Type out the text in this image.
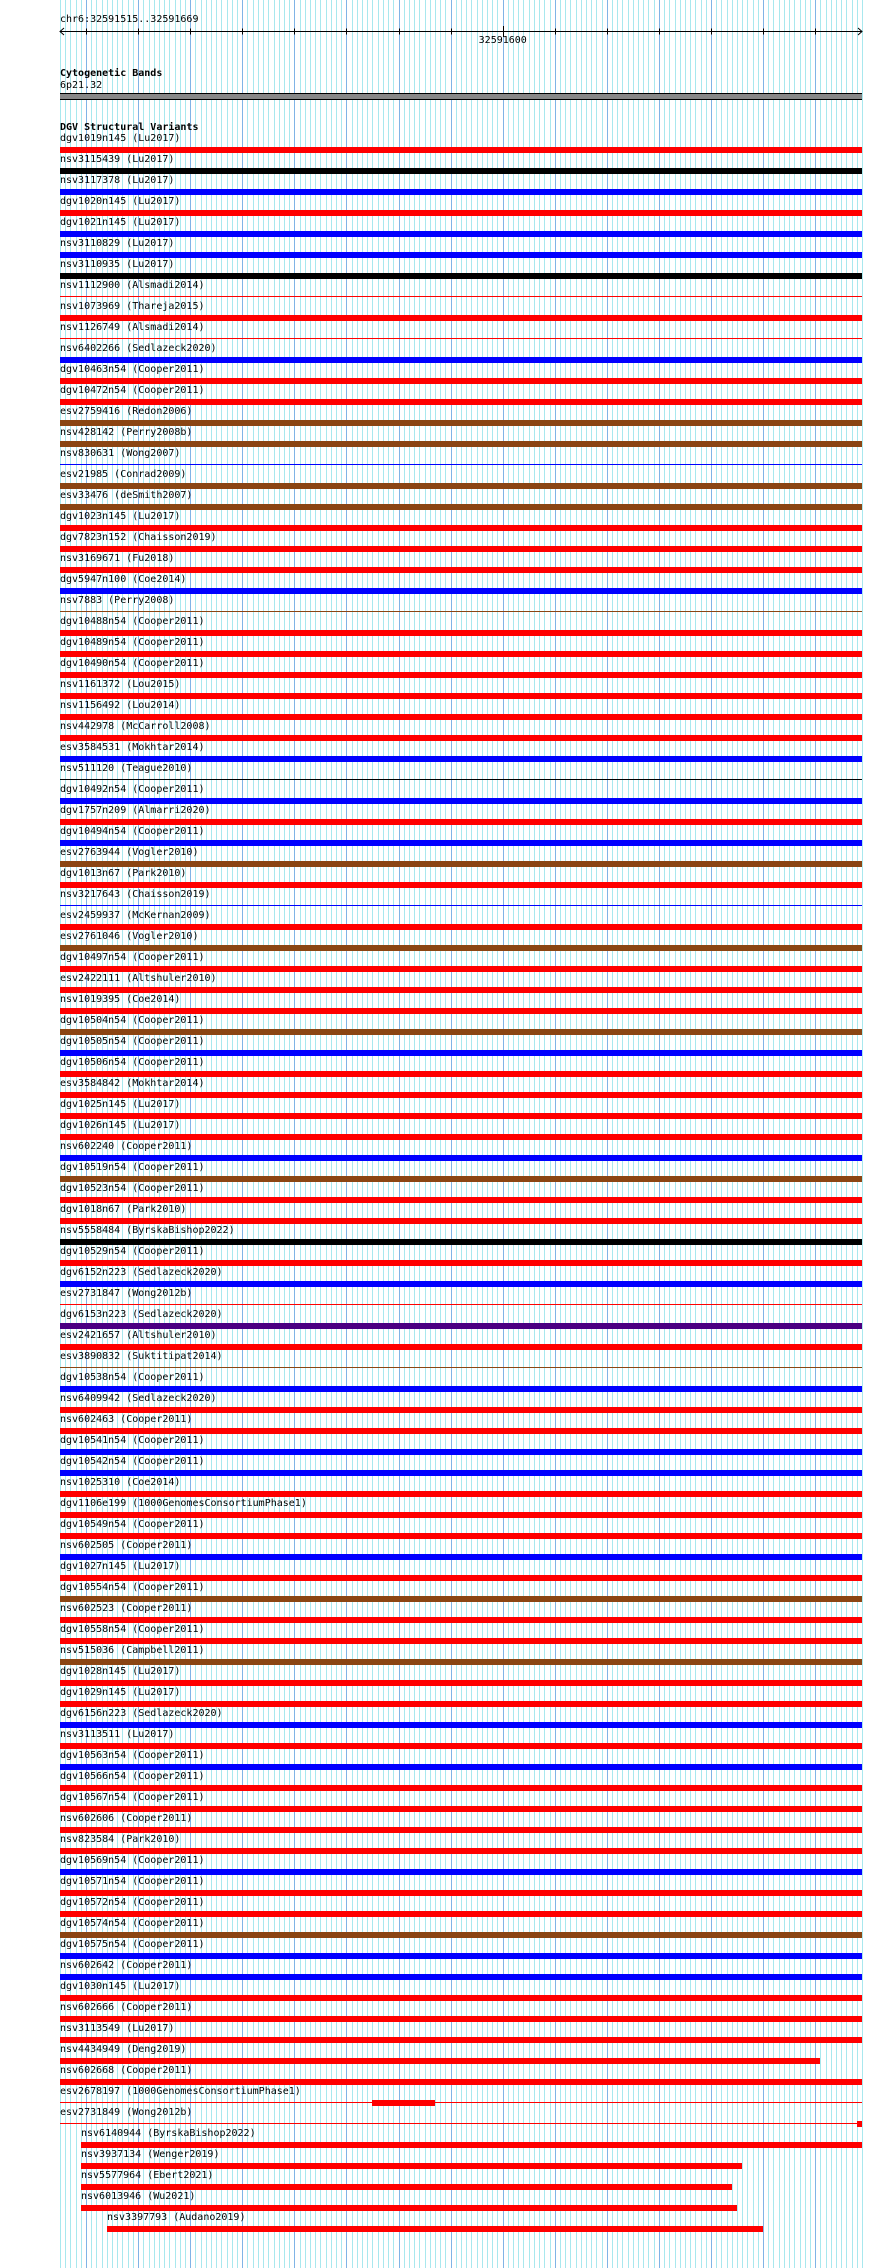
chr6:32591515..32591669
32591600
Cytogenetic Bands
6p21.32
DGV Structural Variants
dgv1019n145 (Lu2017)
nsv3115439 (Lu2017)
nsv3117378 (Lu2017)
dgv1020n145 (Lu2017)
dgv1021n145 (Lu2017)
nsv3110829 (Lu2017)
nsv3110935 (Lu2017)
nsv1112900 (Alsmadi2014)
nsv1073969 (Thareja2015)
nsv1126749 (Alsmadi2014)
nsv6402266 (Sedlazeck2020)
dgv10463n54 (Cooper2011)
dgv10472n54 (Cooper2011)
esv2759416 (Redon2006)
nsv428142 (Perry2008b)
nsv830631 (Wong2007)
esv21985 (Conrad2009)
esv33476 (deSmith2007)
dgv1023n145 (Lu2017)
dgv7823n152 (Chaisson2019)
nsv3169671 (Fu2018)
dgv5947n100 (Coe2014)
nsv7883 (Perry2008)
dgv10488n54 (Cooper2011)
dgv10489n54 (Cooper2011)
dgv10490n54 (Cooper2011)
nsv1161372 (Lou2015)
nsv1156492 (Lou2014)
nsv442978 (McCarroll2008)
esv3584531 (Mokhtar2014)
nsv511120 (Teague2010)
dgv10492n54 (Cooper2011)
dgv1757n209 (Almarri2020)
dgv10494n54 (Cooper2011)
esv2763944 (Vogler2010)
dgv1013n67 (Park2010)
nsv3217643 (Chaisson2019)
esv2459937 (McKernan2009)
esv2761046 (Vogler2010)
dgv10497n54 (Cooper2011)
esv2422111 (Altshuler2010)
nsv1019395 (Coe2014)
dgv10504n54 (Cooper2011)
dgv10505n54 (Cooper2011)
dgv10506n54 (Cooper2011)
esv3584842 (Mokhtar2014)
dgv1025n145 (Lu2017)
dgv1026n145 (Lu2017)
nsv602240 (Cooper2011)
dgv10519n54 (Cooper2011)
dgv10523n54 (Cooper2011)
dgv1018n67 (Park2010)
nsv5558484 (ByrskaBishop2022)
dgv10529n54 (Cooper2011)
dgv6152n223 (Sedlazeck2020)
esv2731847 (Wong2012b)
dgv6153n223 (Sedlazeck2020)
esv2421657 (Altshuler2010)
esv3890832 (Suktitipat2014)
dgv10538n54 (Cooper2011)
nsv6409942 (Sedlazeck2020)
nsv602463 (Cooper2011)
dgv10541n54 (Cooper2011)
dgv10542n54 (Cooper2011)
nsv1025310 (Coe2014)
dgv1106e199 (1000GenomesConsortiumPhase1)
dgv10549n54 (Cooper2011)
nsv602505 (Cooper2011)
dgv1027n145 (Lu2017)
dgv10554n54 (Cooper2011)
nsv602523 (Cooper2011)
dgv10558n54 (Cooper2011)
nsv515036 (Campbell2011)
dgv1028n145 (Lu2017)
dgv1029n145 (Lu2017)
dgv6156n223 (Sedlazeck2020)
nsv3113511 (Lu2017)
dgv10563n54 (Cooper2011)
dgv10566n54 (Cooper2011)
dgv10567n54 (Cooper2011)
nsv602606 (Cooper2011)
nsv823584 (Park2010)
dgv10569n54 (Cooper2011)
dgv10571n54 (Cooper2011)
dgv10572n54 (Cooper2011)
dgv10574n54 (Cooper2011)
dgv10575n54 (Cooper2011)
nsv602642 (Cooper2011)
dgv1030n145 (Lu2017)
nsv602666 (Cooper2011)
nsv3113549 (Lu2017)
nsv4434949 (Deng2019)
nsv602668 (Cooper2011)
esv2678197 (1000GenomesConsortiumPhase1)
esv2731849 (Wong2012b)
nsv6140944 (ByrskaBishop2022)
nsv3937134 (Wenger2019)
nsv5577964 (Ebert2021)
nsv6013946 (Wu2021)
nsv3397793 (Audano2019)
